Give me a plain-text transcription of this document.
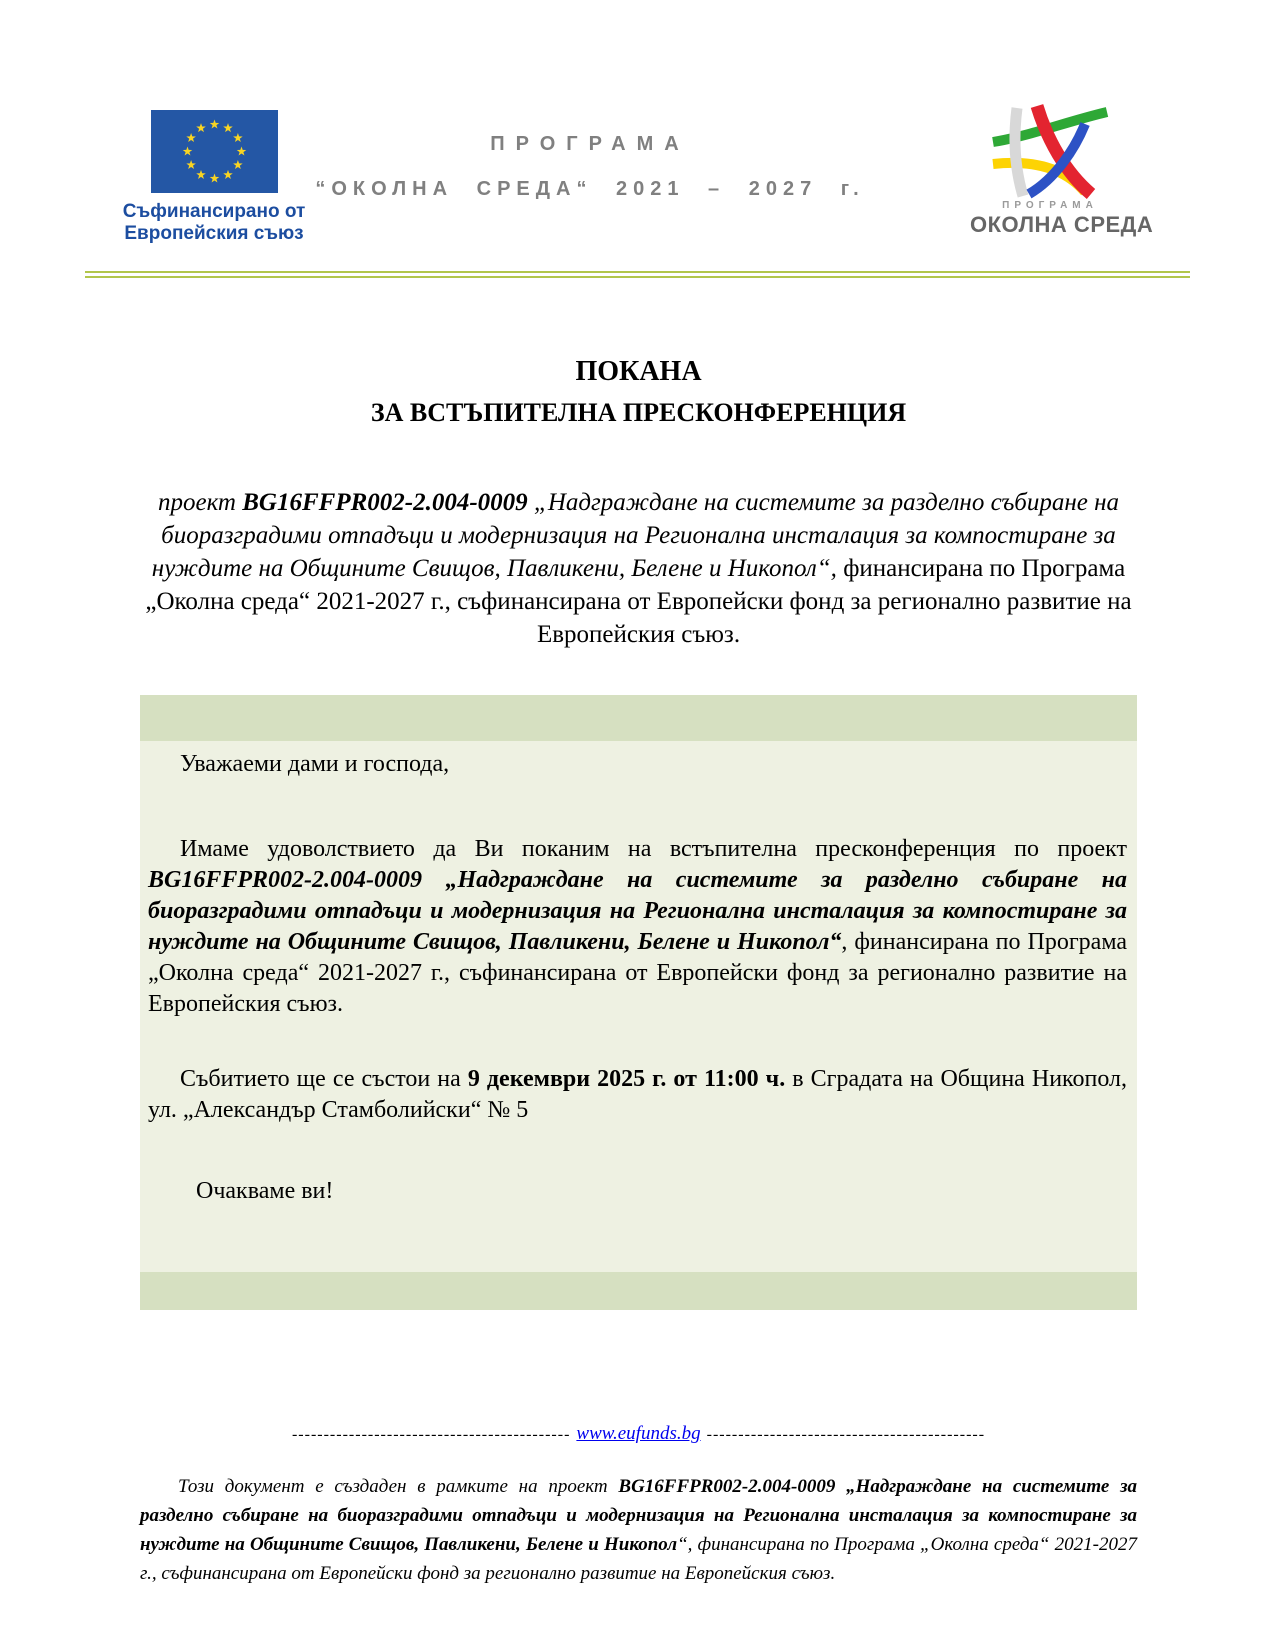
Съфинансирано от
Европейския съюз
ПРОГРАМА
“ОКОЛНА СРЕДА“ 2021 – 2027 г.
ПРОГРАМА
ОКОЛНА СРЕДА
ПОКАНА
ЗА ВСТЪПИТЕЛНА ПРЕСКОНФЕРЕНЦИЯ

проект BG16FFPR002-2.004-0009 „Надграждане на системите за разделно събиране на биоразградими отпадъци и модернизация на Регионална инсталация за компостиране за нуждите на Общините Свищов, Павликени, Белене и Никопол“, финансирана по Програма „Околна среда“ 2021-2027 г., съфинансирана от Европейски фонд за регионално развитие на Европейския съюз.

Уважаеми дами и господа,

Имаме удоволствието да Ви поканим на встъпителна пресконференция по проект BG16FFPR002-2.004-0009 „Надграждане на системите за разделно събиране на биоразградими отпадъци и модернизация на Регионална инсталация за компостиране за нуждите на Общините Свищов, Павликени, Белене и Никопол“, финансирана по Програма „Околна среда“ 2021-2027 г., съфинансирана от Европейски фонд за регионално развитие на Европейския съюз.

Събитието ще се състои на 9 декември 2025 г. от 11:00 ч. в Сградата на Община Никопол, ул. „Александър Стамболийски“ № 5

Очакваме ви!

-------------------------------------------- www.eufunds.bg --------------------------------------------

Този документ е създаден в рамките на проект BG16FFPR002-2.004-0009 „Надграждане на системите за разделно събиране на биоразградими отпадъци и модернизация на Регионална инсталация за компостиране за нуждите на Общините Свищов, Павликени, Белене и Никопол“, финансирана по Програма „Околна среда“ 2021-2027 г., съфинансирана от Европейски фонд за регионално развитие на Европейския съюз.
